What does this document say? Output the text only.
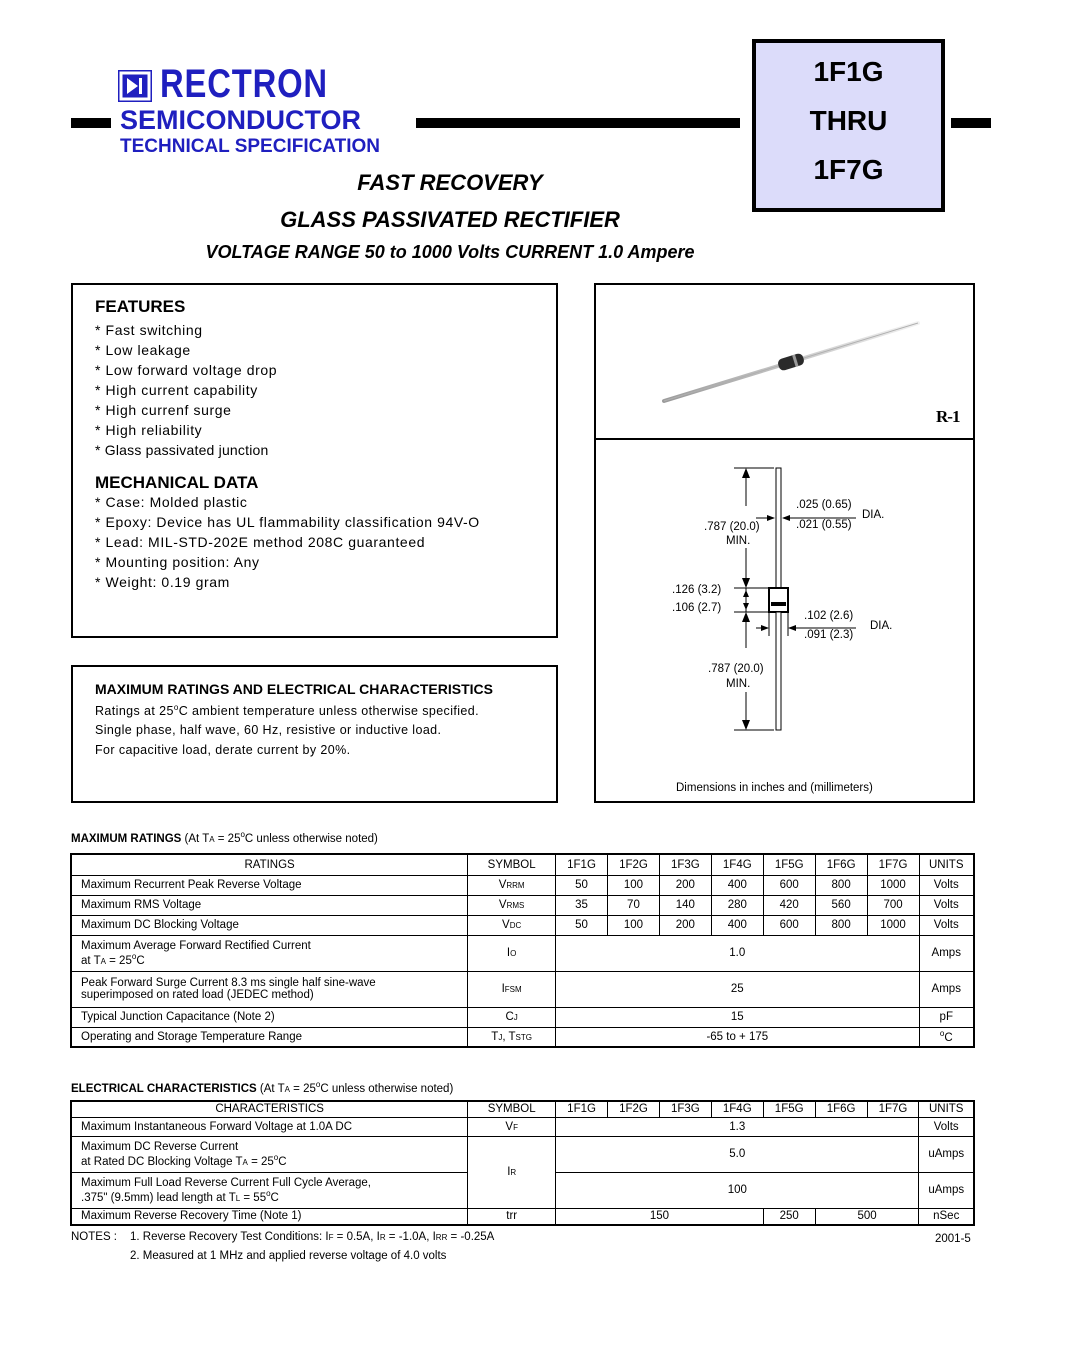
RECTRON
SEMICONDUCTOR
TECHNICAL SPECIFICATION
1F1G
THRU
1F7G
FAST RECOVERY
GLASS PASSIVATED RECTIFIER
VOLTAGE RANGE 50 to 1000 Volts CURRENT 1.0 Ampere
FEATURES
* Fast switching
* Low leakage
* Low forward voltage drop
* High current capability
* High currenf surge
* High reliability
* Glass passivated junction
MECHANICAL DATA
* Case: Molded plastic
* Epoxy: Device has UL flammability classification 94V-O
* Lead: MIL-STD-202E method 208C guaranteed
* Mounting position: Any
* Weight: 0.19 gram
MAXIMUM RATINGS AND ELECTRICAL CHARACTERISTICS
Ratings at 25$^o$C ambient temperature unless otherwise specified.
Single phase, half wave, 60 Hz, resistive or inductive load.
For capacitive load, derate current by 20%.
R-1
.025 (0.65)
.021 (0.55)
DIA.
.787 (20.0)
MIN.
.126 (3.2)
.106 (2.7)
.102 (2.6)
.091 (2.3)
DIA.
.787 (20.0)
MIN.
Dimensions in inches and (millimeters)
MAXIMUM RATINGS (At TA = $25^oC$ unless otherwise noted)
RATINGS	SYMBOL	1F1G	1F2G	1F3G	1F4G	1F5G	1F6G	1F7G	UNITS
Maximum Recurrent Peak Reverse Voltage	VRRM	50	100	200	400	600	800	1000	Volts
Maximum RMS Voltage	VRMS	35	70	140	280	420	560	700	Volts
Maximum DC Blocking Voltage	VDC	50	100	200	400	600	800	1000	Volts

Maximum Average Forward Rectified Current
at TA = $25^oC$	IO	1.0							Amps

Peak Forward Surge Current 8.3 ms single half sine-wave
superimposed on rated load (JEDEC method)	IFSM	25							Amps
Typical Junction Capacitance (Note 2)	CJ	15							pF
Operating and Storage Temperature Range	TJ, TSTG	-65 to + 175							$^o$C
ELECTRICAL CHARACTERISTICS (At TA = $25^oC$ unless otherwise noted)
CHARACTERISTICS	SYMBOL	1F1G	1F2G	1F3G	1F4G	1F5G	1F6G	1F7G	UNITS
Maximum Instantaneous Forward Voltage at 1.0A DC	VF	1.3							Volts

Maximum DC Reverse Current
at Rated DC Blocking Voltage TA = $25^oC$	IR	5.0							uAmps

Maximum Full Load Reverse Current Full Cycle Average,
.375" (9.5mm) lead length at TL = $55^oC$		100							uAmps
Maximum Reverse Recovery Time (Note 1)	trr	150				250	500		nSec
NOTES : 1. Reverse Recovery Test Conditions: IF = 0.5A, IR = -1.0A, IRR = -0.25A
2. Measured at 1 MHz and applied reverse voltage of 4.0 volts
2001-5
